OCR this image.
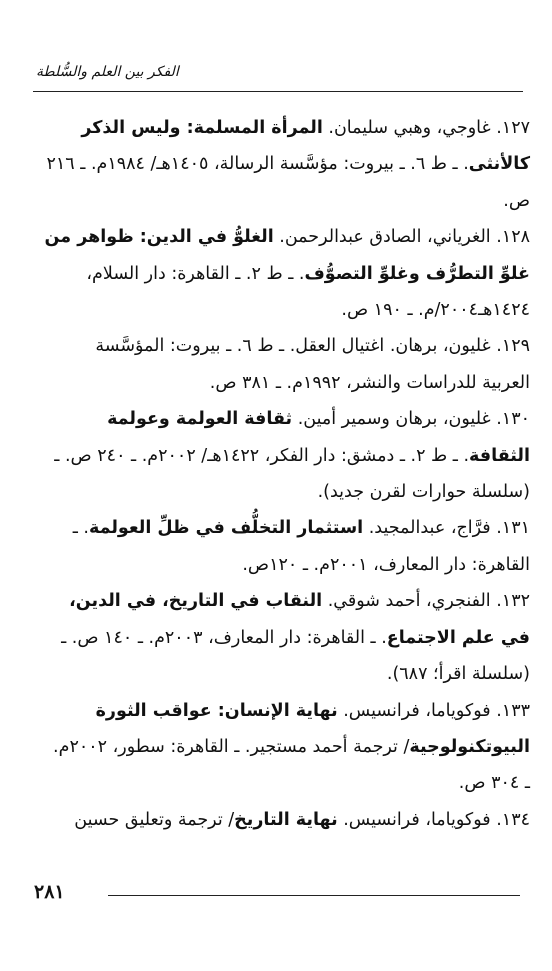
الفكر بين العلم والسُّلطة

١٢٧. غاوجي، وهبي سليمان. المرأة المسلمة: وليس الذكر كالأنثى. ـ ط ٦. ـ بيروت: مؤسَّسة الرسالة، ١٤٠٥هـ/ ١٩٨٤م. ـ ٢١٦ ص.

١٢٨. الغرياني، الصادق عبدالرحمن. الغلوُّ في الدين: ظواهر من غلوِّ التطرُّف وغلوِّ التصوُّف. ـ ط ٢. ـ القاهرة: دار السلام، ١٤٢٤هـ٢٠٠٤/م. ـ ١٩٠ ص.

١٢٩. غليون، برهان. اغتيال العقل. ـ ط ٦. ـ بيروت: المؤسَّسة العربية للدراسات والنشر، ١٩٩٢م. ـ ٣٨١ ص.

١٣٠. غليون، برهان وسمير أمين. ثقافة العولمة وعولمة الثقافة. ـ ط ٢. ـ دمشق: دار الفكر، ١٤٢٢هـ/ ٢٠٠٢م. ـ ٢٤٠ ص. ـ (سلسلة حوارات لقرن جديد).

١٣١. فرَّاج، عبدالمجيد. استثمار التخلُّف في ظلِّ العولمة. ـ القاهرة: دار المعارف، ٢٠٠١م. ـ ١٢٠ص.

١٣٢. الفنجري، أحمد شوقي. النقاب في التاريخ، في الدين، في علم الاجتماع. ـ القاهرة: دار المعارف، ٢٠٠٣م. ـ ١٤٠ ص. ـ (سلسلة اقرأ؛ ٦٨٧).

١٣٣. فوكوياما، فرانسيس. نهاية الإنسان: عواقب الثورة البيوتكنولوجية/ ترجمة أحمد مستجير. ـ القاهرة: سطور، ٢٠٠٢م. ـ ٣٠٤ ص.

١٣٤. فوكوياما، فرانسيس. نهاية التاريخ/ ترجمة وتعليق حسين

٢٨١
